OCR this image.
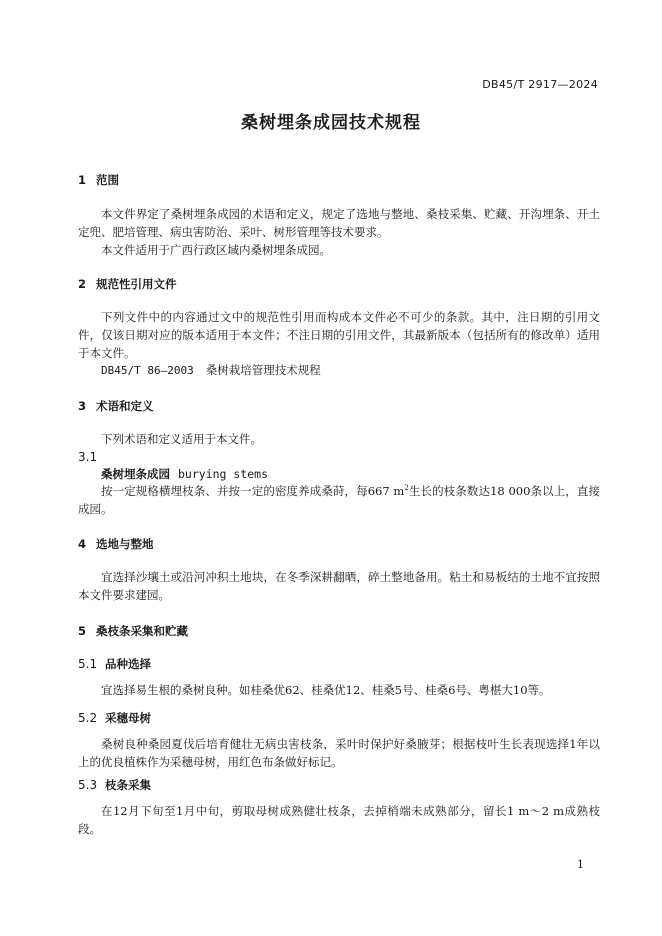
DB45/T 2917—2024
桑树埋条成园技术规程
1 范围
本文件界定了桑树埋条成园的术语和定义，规定了选地与整地、桑枝采集、贮藏、开沟埋条、开土定兜、肥培管理、病虫害防治、采叶、树形管理等技术要求。
本文件适用于广西行政区域内桑树埋条成园。
2 规范性引用文件
下列文件中的内容通过文中的规范性引用而构成本文件必不可少的条款。其中，注日期的引用文件，仅该日期对应的版本适用于本文件；不注日期的引用文件，其最新版本（包括所有的修改单）适用于本文件。
DB45/T 86—2003 桑树栽培管理技术规程
3 术语和定义
下列术语和定义适用于本文件。
3.1
桑树埋条成园 burying stems
按一定规格横埋枝条、并按一定的密度养成桑莳，每667 $m^2$生长的枝条数达18 000条以上，直接成园。
4 选地与整地
宜选择沙壤土或沿河冲积土地块，在冬季深耕翻晒，碎土整地备用。粘土和易板结的土地不宜按照本文件要求建园。
5 桑枝条采集和贮藏
5.1 品种选择
宜选择易生根的桑树良种。如桂桑优62、桂桑优12、桂桑5号、桂桑6号、粤椹大10等。
5.2 采穗母树
桑树良种桑园夏伐后培育健壮无病虫害枝条，采叶时保护好桑腋芽；根据枝叶生长表现选择1年以上的优良植株作为采穗母树，用红色布条做好标记。
5.3 枝条采集
在12月下旬至1月中旬，剪取母树成熟健壮枝条，去掉梢端未成熟部分，留长1 m～2 m成熟枝段。
1
